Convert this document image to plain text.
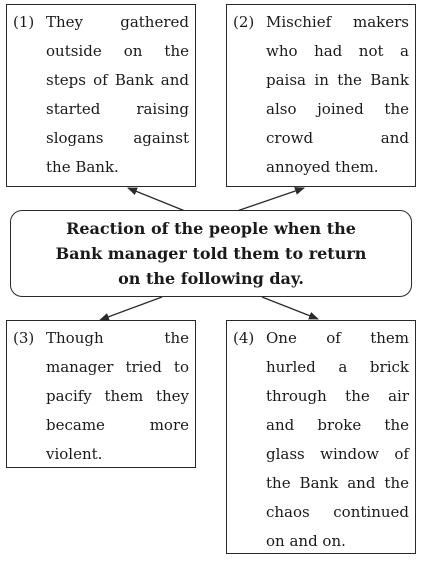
(1) They gathered
outside on the
steps of Bank and
started raising
slogans against
the Bank.
(2) Mischief makers
who had not a
paisa in the Bank
also joined the
crowd and
annoyed them.
Reaction of the people when the
Bank manager told them to return
on the following day.
(3) Though the
manager tried to
pacify them they
became more
violent.
(4) One of them
hurled a brick
through the air
and broke the
glass window of
the Bank and the
chaos continued
on and on.
